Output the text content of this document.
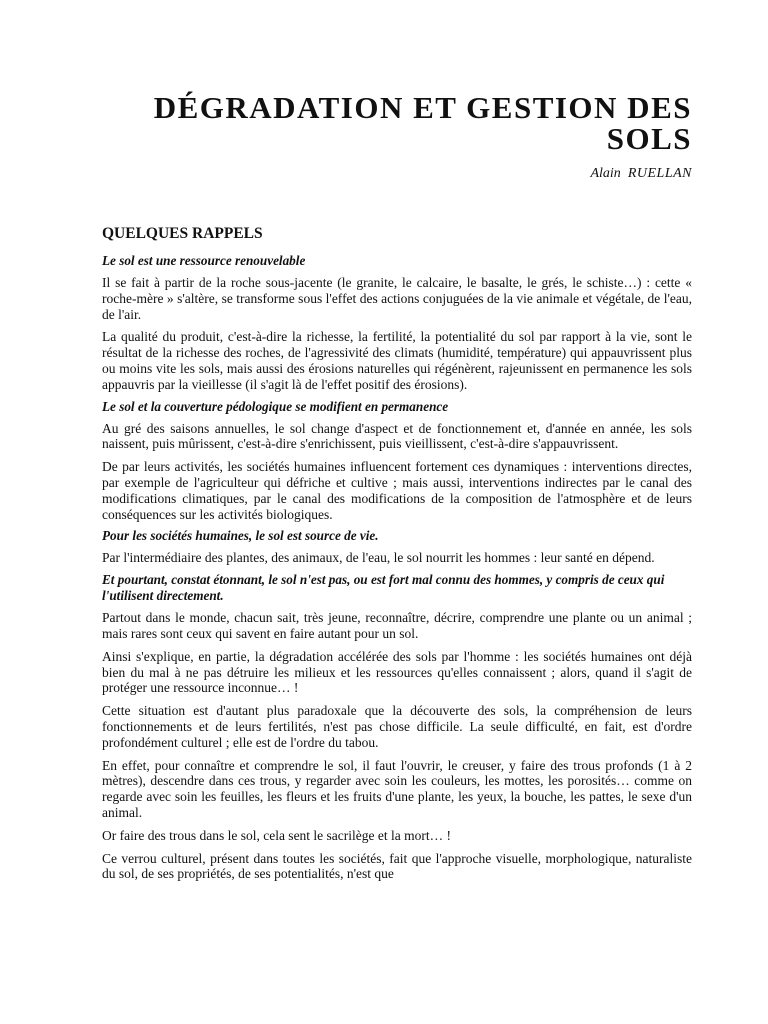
DÉGRADATION ET GESTION DES
SOLS
Alain RUELLAN
QUELQUES RAPPELS
Le sol est une ressource renouvelable

Il se fait à partir de la roche sous-jacente (le granite, le calcaire, le basalte, le grés, le schiste…) : cette « roche-mère » s'altère, se transforme sous l'effet des actions conjuguées de la vie animale et végétale, de l'eau, de l'air.

La qualité du produit, c'est-à-dire la richesse, la fertilité, la potentialité du sol par rapport à la vie, sont le résultat de la richesse des roches, de l'agressivité des climats (humidité, température) qui appauvrissent plus ou moins vite les sols, mais aussi des érosions naturelles qui régénèrent, rajeunissent en permanence les sols appauvris par la vieillesse (il s'agit là de l'effet positif des érosions).

Le sol et la couverture pédologique se modifient en permanence

Au gré des saisons annuelles, le sol change d'aspect et de fonctionnement et, d'année en année, les sols naissent, puis mûrissent, c'est-à-dire s'enrichissent, puis vieillissent, c'est-à-dire s'appauvrissent.

De par leurs activités, les sociétés humaines influencent fortement ces dynamiques : interventions directes, par exemple de l'agriculteur qui défriche et cultive ; mais aussi, interventions indirectes par le canal des modifications climatiques, par le canal des modifications de la composition de l'atmosphère et de leurs conséquences sur les activités biologiques.

Pour les sociétés humaines, le sol est source de vie.

Par l'intermédiaire des plantes, des animaux, de l'eau, le sol nourrit les hommes : leur santé en dépend.

Et pourtant, constat étonnant, le sol n'est pas, ou est fort mal connu des hommes, y compris de ceux qui l'utilisent directement.

Partout dans le monde, chacun sait, très jeune, reconnaître, décrire, comprendre une plante ou un animal ; mais rares sont ceux qui savent en faire autant pour un sol.

Ainsi s'explique, en partie, la dégradation accélérée des sols par l'homme : les sociétés humaines ont déjà bien du mal à ne pas détruire les milieux et les ressources qu'elles connaissent ; alors, quand il s'agit de protéger une ressource inconnue… !

Cette situation est d'autant plus paradoxale que la découverte des sols, la compréhension de leurs fonctionnements et de leurs fertilités, n'est pas chose difficile. La seule difficulté, en fait, est d'ordre profondément culturel ; elle est de l'ordre du tabou.

En effet, pour connaître et comprendre le sol, il faut l'ouvrir, le creuser, y faire des trous profonds (1 à 2 mètres), descendre dans ces trous, y regarder avec soin les couleurs, les mottes, les porosités… comme on regarde avec soin les feuilles, les fleurs et les fruits d'une plante, les yeux, la bouche, les pattes, le sexe d'un animal.

Or faire des trous dans le sol, cela sent le sacrilège et la mort… !

Ce verrou culturel, présent dans toutes les sociétés, fait que l'approche visuelle, morphologique, naturaliste du sol, de ses propriétés, de ses potentialités, n'est que
